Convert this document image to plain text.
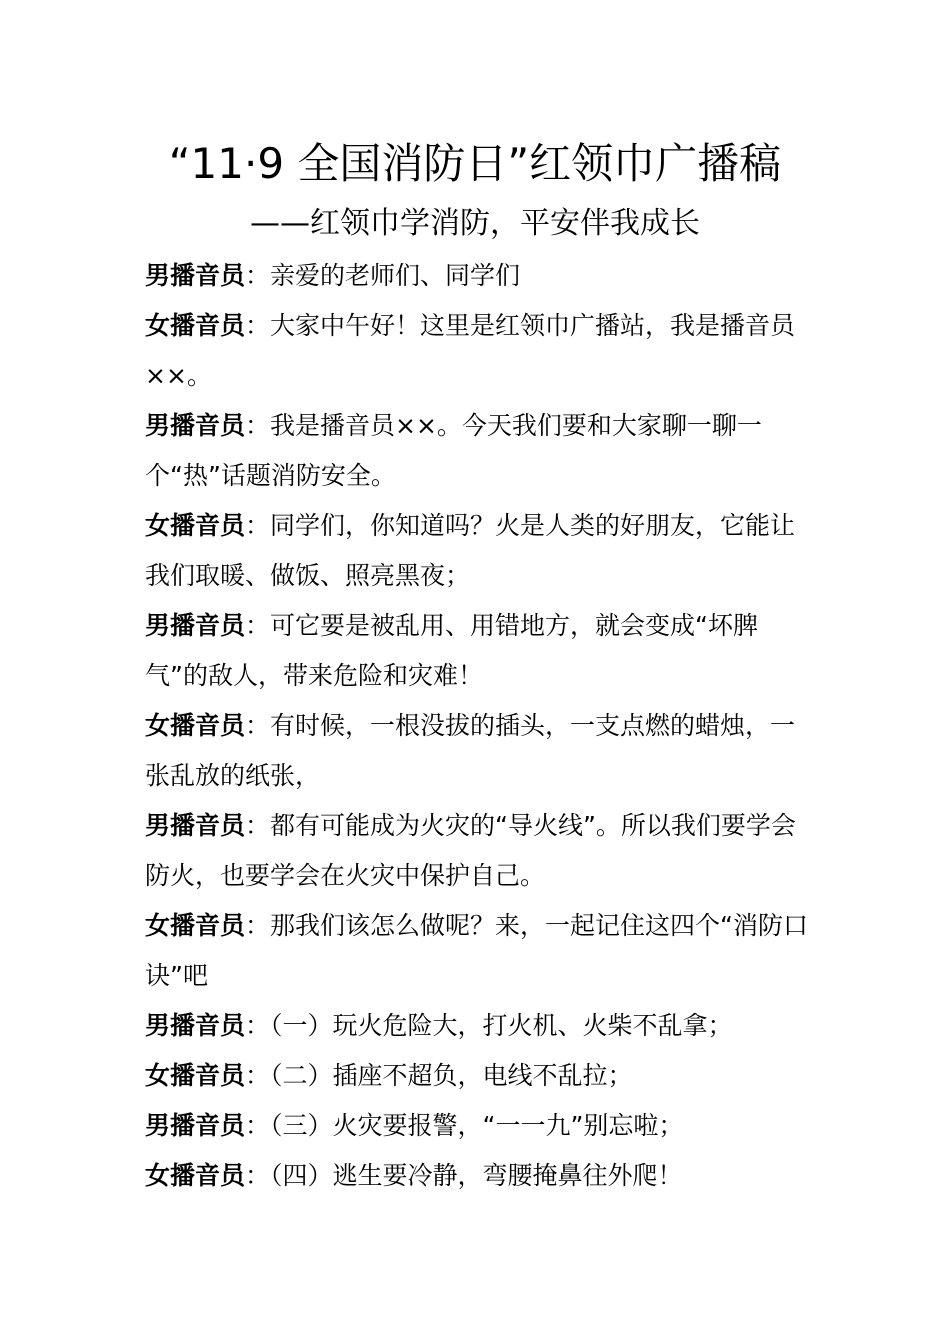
“11·9 全国消防日”红领巾广播稿
——红领巾学消防，平安伴我成长

男播音员：亲爱的老师们、同学们

女播音员：大家中午好！这里是红领巾广播站，我是播音员××。

男播音员：我是播音员××。今天我们要和大家聊一聊一个“热”话题消防安全。

女播音员：同学们，你知道吗？火是人类的好朋友，它能让我们取暖、做饭、照亮黑夜；

男播音员：可它要是被乱用、用错地方，就会变成“坏脾气”的敌人，带来危险和灾难！

女播音员：有时候，一根没拔的插头，一支点燃的蜡烛，一张乱放的纸张，

男播音员：都有可能成为火灾的“导火线”。所以我们要学会防火，也要学会在火灾中保护自己。

女播音员：那我们该怎么做呢？来，一起记住这四个“消防口诀”吧

男播音员：（一）玩火危险大，打火机、火柴不乱拿；

女播音员：（二）插座不超负，电线不乱拉；

男播音员：（三）火灾要报警，“一一九”别忘啦；

女播音员：（四）逃生要冷静，弯腰掩鼻往外爬！
